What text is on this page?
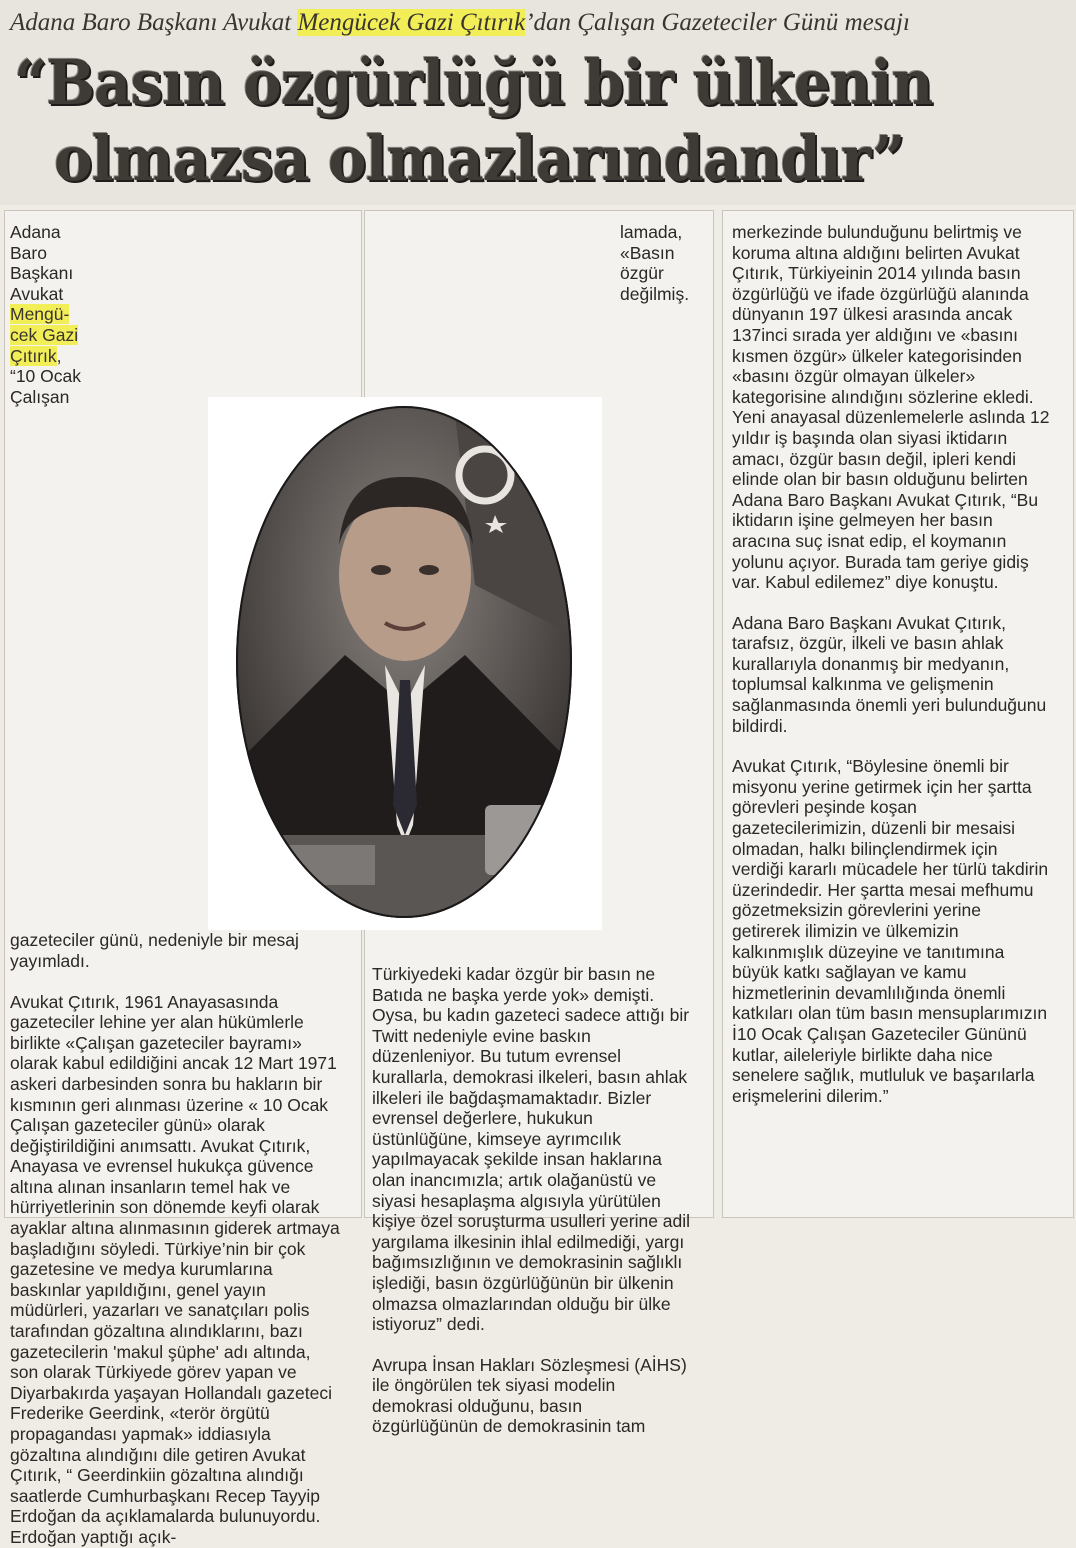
Adana Baro Başkanı Avukat Mengücek Gazi Çıtırık’dan Çalışan Gazeteciler Günü mesajı
“Basın özgürlüğü bir ülkenin
olmazsa olmazlarındandır”

Adana Baro Başkanı Avukat Mengü- cek Gazi Çıtırık, “10 Ocak Çalışan gazeteciler günü, nedeniyle bir mesaj yayımladı.

Avukat Çıtırık, 1961 Anayasasında gazeteciler lehine yer alan hükümlerle birlikte «Çalışan gazeteciler bayramı» olarak kabul edildiğini ancak 12 Mart 1971 askeri darbesinden sonra bu hakların bir kısmının geri alınması üzerine « 10 Ocak Çalışan gazeteciler günü» olarak değiştirildiğini anımsattı. Avukat Çıtırık, Anayasa ve evrensel hukukça güvence altına alınan insanların temel hak ve hürriyetlerinin son dönemde keyfi olarak ayaklar altına alınmasının giderek artmaya başladığını söyledi. Türkiye’nin bir çok gazetesine ve medya kurumlarına baskınlar yapıldığını, genel yayın müdürleri, yazarları ve sanatçıları polis tarafından gözaltına alındıklarını, bazı gazetecilerin 'makul şüphe' adı altında, son olarak Türkiyede görev yapan ve Diyarbakırda yaşayan Hollandalı gazeteci Frederike Geerdink, «terör örgütü propagandası yapmak» iddiasıyla gözaltına alındığını dile getiren Avukat Çıtırık, “ Geerdinkiin gözaltına alındığı saatlerde Cumhurbaşkanı Recep Tayyip Erdoğan da açıklamalarda bulunuyordu. Erdoğan yaptığı açık-

lamada, «Basın özgür değilmiş. Türkiyedeki kadar özgür bir basın ne Batıda ne başka yerde yok» demişti. Oysa, bu kadın gazeteci sadece attığı bir Twitt nedeniyle evine baskın düzenleniyor. Bu tutum evrensel kurallarla, demokrasi ilkeleri, basın ahlak ilkeleri ile bağdaşmamaktadır. Bizler evrensel değerlere, hukukun üstünlüğüne, kimseye ayrımcılık yapılmayacak şekilde insan haklarına olan inancımızla; artık olağanüstü ve siyasi hesaplaşma algısıyla yürütülen kişiye özel soruşturma usulleri yerine adil yargılama ilkesinin ihlal edilmediği, yargı bağımsızlığının ve demokrasinin sağlıklı işlediği, basın özgürlüğünün bir ülkenin olmazsa olmazlarından olduğu bir ülke istiyoruz” dedi.

Avrupa İnsan Hakları Sözleşmesi (AİHS) ile öngörülen tek siyasi modelin demokrasi olduğunu, basın özgürlüğünün de demokrasinin tam

merkezinde bulunduğunu belirtmiş ve koruma altına aldığını belirten Avukat Çıtırık, Türkiyeinin 2014 yılında basın özgürlüğü ve ifade özgürlüğü alanında dünyanın 197 ülkesi arasında ancak 137inci sırada yer aldığını ve «basını kısmen özgür» ülkeler kategorisinden «basını özgür olmayan ülkeler» kategorisine alındığını sözlerine ekledi.

Yeni anayasal düzenlemelerle aslında 12 yıldır iş başında olan siyasi iktidarın amacı, özgür basın değil, ipleri kendi elinde olan bir basın olduğunu belirten Adana Baro Başkanı Avukat Çıtırık, “Bu iktidarın işine gelmeyen her basın aracına suç isnat edip, el koymanın yolunu açıyor. Burada tam geriye gidiş var. Kabul edilemez” diye konuştu.

Adana Baro Başkanı Avukat Çıtırık, tarafsız, özgür, ilkeli ve basın ahlak kurallarıyla donanmış bir medyanın, toplumsal kalkınma ve gelişmenin sağlanmasında önemli yeri bulunduğunu bildirdi.

Avukat Çıtırık, “Böylesine önemli bir misyonu yerine getirmek için her şartta görevleri peşinde koşan gazetecilerimizin, düzenli bir mesaisi olmadan, halkı bilinçlendirmek için verdiği kararlı mücadele her türlü takdirin üzerindedir. Her şartta mesai mefhumu gözetmeksizin görevlerini yerine getirerek ilimizin ve ülkemizin kalkınmışlık düzeyine ve tanıtımına büyük katkı sağlayan ve kamu hizmetlerinin devamlılığında önemli katkıları olan tüm basın mensuplarımızın İ10 Ocak Çalışan Gazeteciler Gününü kutlar, aileleriyle birlikte daha nice senelere sağlık, mutluluk ve başarılarla erişmelerini dilerim.”
